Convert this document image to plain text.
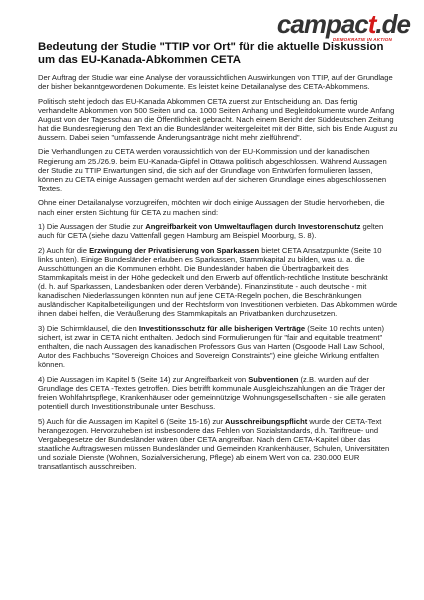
campact.de
DEMOKRATIE IN AKTION
Bedeutung der Studie "TTIP vor Ort" für die aktuelle Diskussion um das EU-Kanada-Abkommen CETA

Der Auftrag der Studie war eine Analyse der voraussichtlichen Auswirkungen von TTIP, auf der Grundlage der bisher bekanntgewordenen Dokumente. Es leistet keine Detailanalyse des CETA-Abkommens.

Politisch steht jedoch das EU-Kanada Abkommen CETA zuerst zur Entscheidung an. Das fertig verhandelte Abkommen von 500 Seiten und ca. 1000 Seiten Anhang und Begleitdokumente wurde Anfang August von der Tagesschau an die Öffentlichkeit gebracht. Nach einem Bericht der Süddeutschen Zeitung hat die Bundesregierung den Text an die Bundesländer weitergeleitet mit der Bitte, sich bis Ende August zu äussern. Dabei seien "umfassende Änderungsanträge nicht mehr zielführend".

Die Verhandlungen zu CETA werden voraussichtlich von der EU-Kommission und der kanadischen Regierung am 25./26.9. beim EU-Kanada-Gipfel in Ottawa politisch abgeschlossen. Während Aussagen der Studie zu TTIP Erwartungen sind, die sich auf der Grundlage von Entwürfen formulieren lassen, können zu CETA einige Aussagen gemacht werden auf der sicheren Grundlage eines abgeschlossenen Textes.

Ohne einer Detailanalyse vorzugreifen, möchten wir doch einige Aussagen der Studie hervorheben, die nach einer ersten Sichtung für CETA zu machen sind:

1) Die Aussagen der Studie zur Angreifbarkeit von Umweltauflagen durch Investorenschutz gelten auch für CETA (siehe dazu Vattenfall gegen Hamburg am Beispiel Moorburg, S. 8).

2) Auch für die Erzwingung der Privatisierung von Sparkassen bietet CETA Ansatzpunkte (Seite 10 links unten). Einige Bundesländer erlauben es Sparkassen, Stammkapital zu bilden, was u. a. die Ausschüttungen an die Kommunen erhöht. Die Bundesländer haben die Übertragbarkeit des Stammkapitals meist in der Höhe gedeckelt und den Erwerb auf öffentlich-rechtliche Institute beschränkt (d. h. auf Sparkassen, Landesbanken oder deren Verbände). Finanzinstitute - auch deutsche - mit kanadischen Niederlassungen könnten nun auf jene CETA-Regeln pochen, die Beschränkungen ausländischer Kapitalbeteiligungen und der Rechtsform von Investitionen verbieten. Das Abkommen würde ihnen dabei helfen, die Veräußerung des Stammkapitals an Privatbanken durchzusetzen.

3) Die Schirmklausel, die den Investitionsschutz für alle bisherigen Verträge (Seite 10 rechts unten) sichert, ist zwar in CETA nicht enthalten. Jedoch sind Formulierungen für "fair and equitable treatment" enthalten, die nach Aussagen des kanadischen Professors Gus van Harten (Osgoode Hall Law School, Autor des Fachbuchs "Sovereign Choices and Sovereign Constraints") eine gleiche Wirkung entfalten können.

4) Die Aussagen im Kapitel 5 (Seite 14) zur Angreifbarkeit von Subventionen (z.B. wurden auf der Grundlage des CETA -Textes getroffen. Dies betrifft kommunale Ausgleichszahlungen an die Träger der freien Wohlfahrtspflege, Krankenhäuser oder gemeinnützige Wohnungsgesellschaften - sie alle geraten potentiell durch Investitionstribunale unter Beschuss.

5) Auch für die Aussagen im Kapitel 6 (Seite 15-16) zur Ausschreibungspflicht wurde der CETA-Text herangezogen. Hervorzuheben ist insbesondere das Fehlen von Sozialstandards, d.h. Tariftreue- und Vergabegesetze der Bundesländer wären über CETA angreifbar. Nach dem CETA-Kapitel über das staatliche Auftragswesen müssen Bundesländer und Gemeinden Krankenhäuser, Schulen, Universitäten und soziale Dienste (Wohnen, Sozialversicherung, Pflege) ab einem Wert von ca. 230.000 EUR transatlantisch ausschreiben.
